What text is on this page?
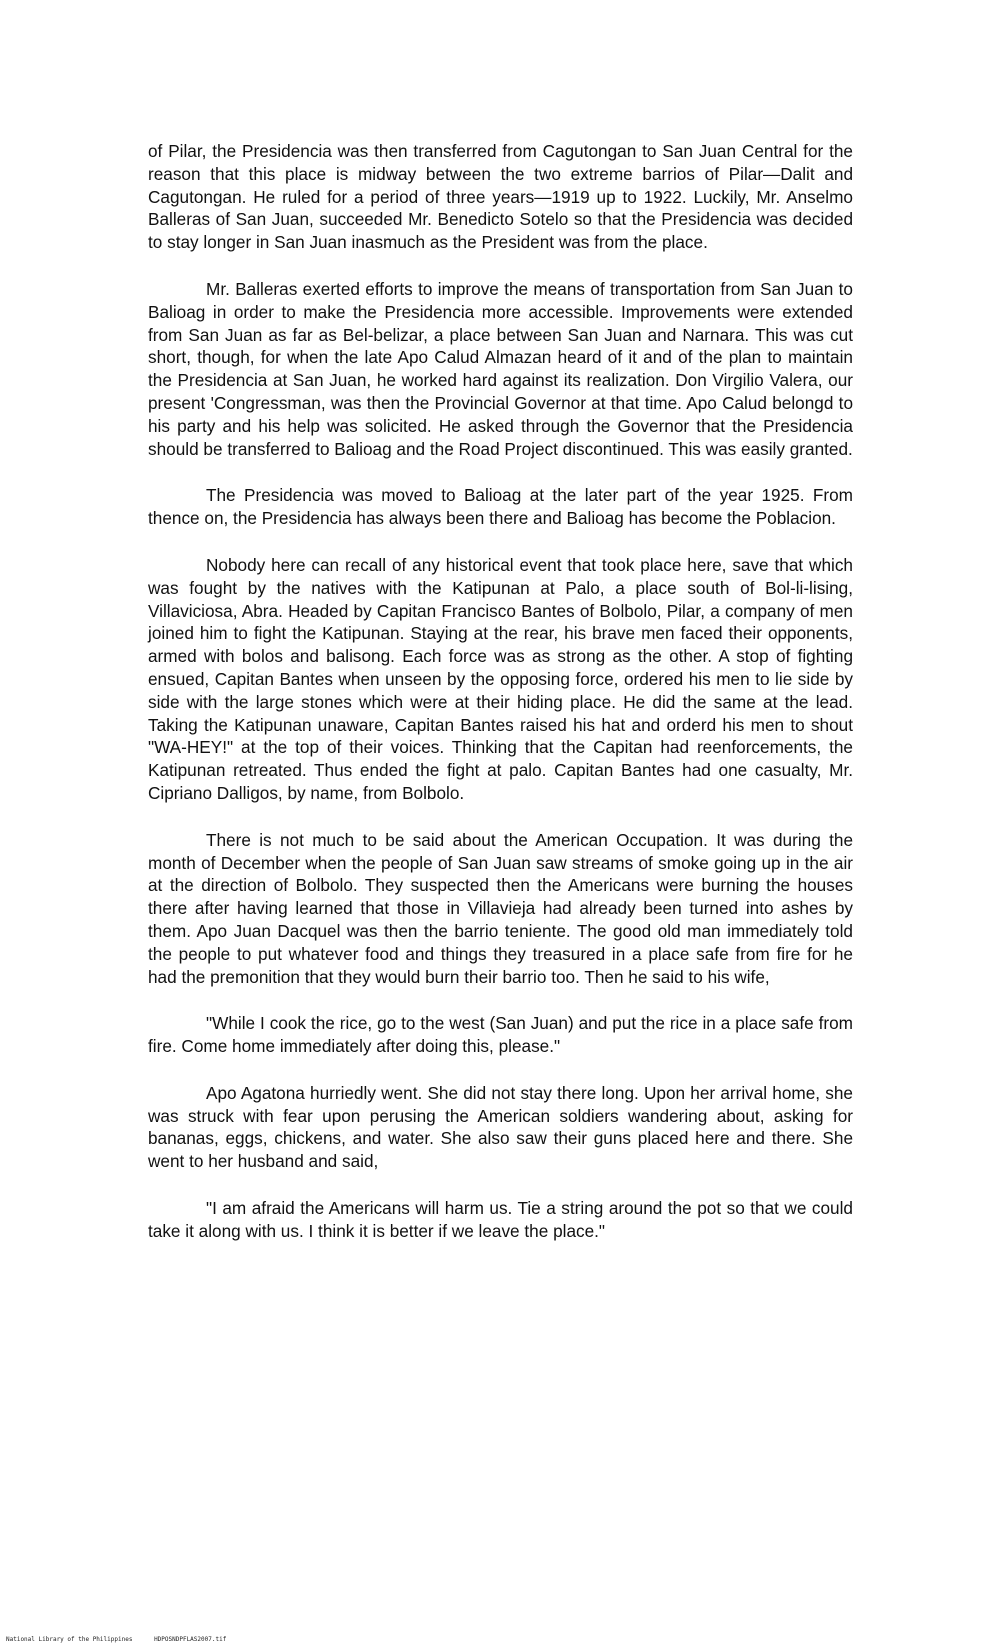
of Pilar, the Presidencia was then transferred from Cagutongan to San Juan Central for the reason that this place is midway between the two extreme barrios of Pilar—Dalit and Cagutongan. He ruled for a period of three years—1919 up to 1922. Luckily, Mr. Anselmo Balleras of San Juan, succeeded Mr. Benedicto Sotelo so that the Presidencia was decided to stay longer in San Juan inasmuch as the President was from the place.

Mr. Balleras exerted efforts to improve the means of transportation from San Juan to Balioag in order to make the Presidencia more accessible. Improvements were extended from San Juan as far as Bel-belizar, a place between San Juan and Narnara. This was cut short, though, for when the late Apo Calud Almazan heard of it and of the plan to maintain the Presidencia at San Juan, he worked hard against its realization. Don Virgilio Valera, our present 'Congressman, was then the Provincial Governor at that time. Apo Calud belongd to his party and his help was solicited. He asked through the Governor that the Presidencia should be transferred to Balioag and the Road Project discontinued. This was easily granted.

The Presidencia was moved to Balioag at the later part of the year 1925. From thence on, the Presidencia has always been there and Balioag has become the Poblacion.

Nobody here can recall of any historical event that took place here, save that which was fought by the natives with the Katipunan at Palo, a place south of Bol-li-lising, Villaviciosa, Abra. Headed by Capitan Francisco Bantes of Bolbolo, Pilar, a company of men joined him to fight the Katipunan. Staying at the rear, his brave men faced their opponents, armed with bolos and balisong. Each force was as strong as the other. A stop of fighting ensued, Capitan Bantes when unseen by the opposing force, ordered his men to lie side by side with the large stones which were at their hiding place. He did the same at the lead. Taking the Katipunan unaware, Capitan Bantes raised his hat and orderd his men to shout "WA-HEY!" at the top of their voices. Thinking that the Capitan had reenforcements, the Katipunan retreated. Thus ended the fight at palo. Capitan Bantes had one casualty, Mr. Cipriano Dalligos, by name, from Bolbolo.

There is not much to be said about the American Occupation. It was during the month of December when the people of San Juan saw streams of smoke going up in the air at the direction of Bolbolo. They suspected then the Americans were burning the houses there after having learned that those in Villavieja had already been turned into ashes by them. Apo Juan Dacquel was then the barrio teniente. The good old man immediately told the people to put whatever food and things they treasured in a place safe from fire for he had the premonition that they would burn their barrio too. Then he said to his wife,

"While I cook the rice, go to the west (San Juan) and put the rice in a place safe from fire. Come home immediately after doing this, please."

Apo Agatona hurriedly went. She did not stay there long. Upon her arrival home, she was struck with fear upon perusing the American soldiers wandering about, asking for bananas, eggs, chickens, and water. She also saw their guns placed here and there. She went to her husband and said,

"I am afraid the Americans will harm us. Tie a string around the pot so that we could take it along with us. I think it is better if we leave the place."

National Library of the Philippines	HDPOSNDPFLAS2007.tif
